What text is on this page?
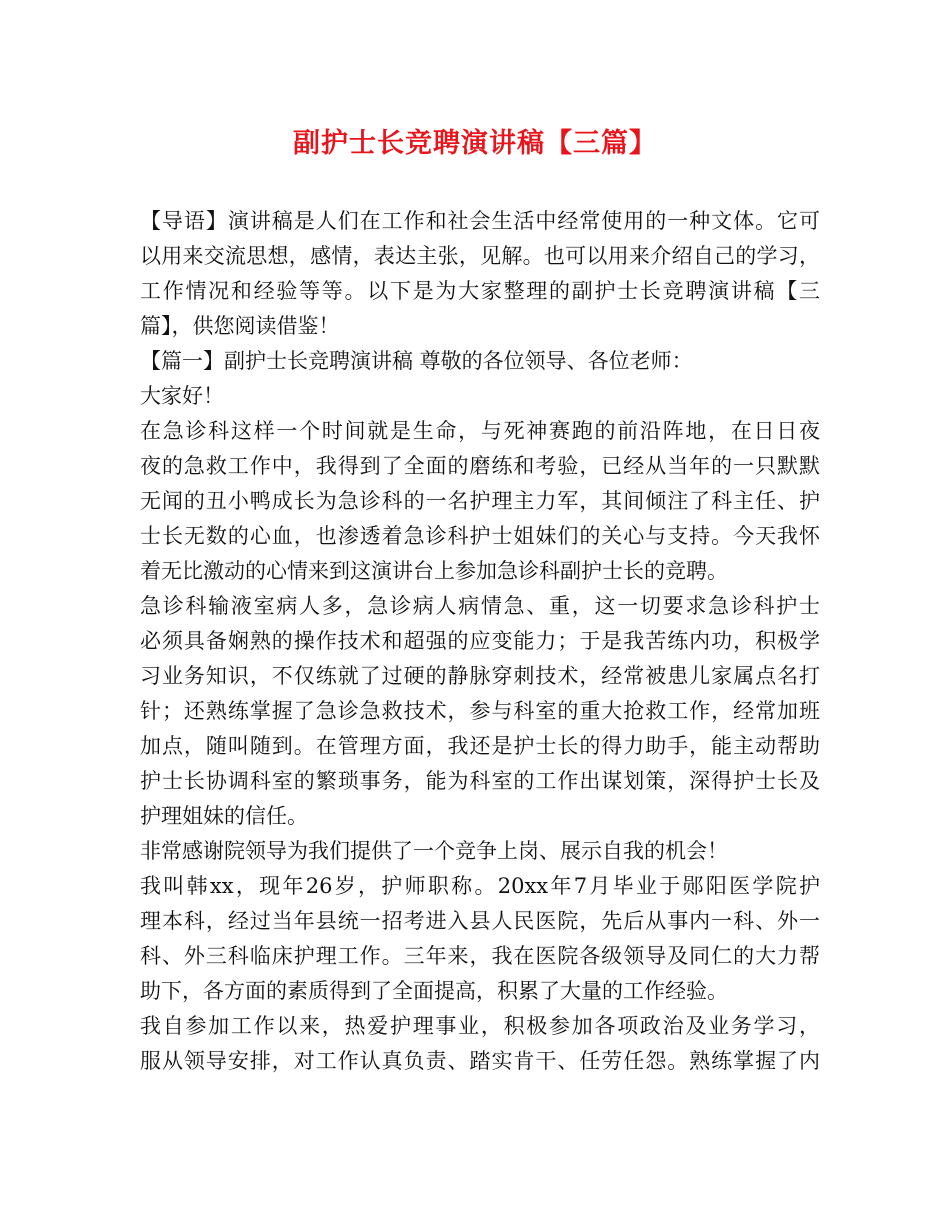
副护士长竞聘演讲稿【三篇】
【导语】演讲稿是人们在工作和社会生活中经常使用的一种文体。它可
以用来交流思想，感情，表达主张，见解。也可以用来介绍自己的学习，
工作情况和经验等等。以下是为大家整理的副护士长竞聘演讲稿【三
篇】，供您阅读借鉴！
【篇一】副护士长竞聘演讲稿 尊敬的各位领导、各位老师：
大家好！
在急诊科这样一个时间就是生命，与死神赛跑的前沿阵地，在日日夜
夜的急救工作中，我得到了全面的磨练和考验，已经从当年的一只默默
无闻的丑小鸭成长为急诊科的一名护理主力军，其间倾注了科主任、护
士长无数的心血，也渗透着急诊科护士姐妹们的关心与支持。今天我怀
着无比激动的心情来到这演讲台上参加急诊科副护士长的竞聘。
急诊科输液室病人多，急诊病人病情急、重，这一切要求急诊科护士
必须具备娴熟的操作技术和超强的应变能力；于是我苦练内功，积极学
习业务知识，不仅练就了过硬的静脉穿刺技术，经常被患儿家属点名打
针；还熟练掌握了急诊急救技术，参与科室的重大抢救工作，经常加班
加点，随叫随到。在管理方面，我还是护士长的得力助手，能主动帮助
护士长协调科室的繁琐事务，能为科室的工作出谋划策，深得护士长及
护理姐妹的信任。
非常感谢院领导为我们提供了一个竞争上岗、展示自我的机会！
我叫韩xx，现年26岁，护师职称。20xx年7月毕业于郧阳医学院护
理本科，经过当年县统一招考进入县人民医院，先后从事内一科、外一
科、外三科临床护理工作。三年来，我在医院各级领导及同仁的大力帮
助下，各方面的素质得到了全面提高，积累了大量的工作经验。
我自参加工作以来，热爱护理事业，积极参加各项政治及业务学习，
服从领导安排，对工作认真负责、踏实肯干、任劳任怨。熟练掌握了内
